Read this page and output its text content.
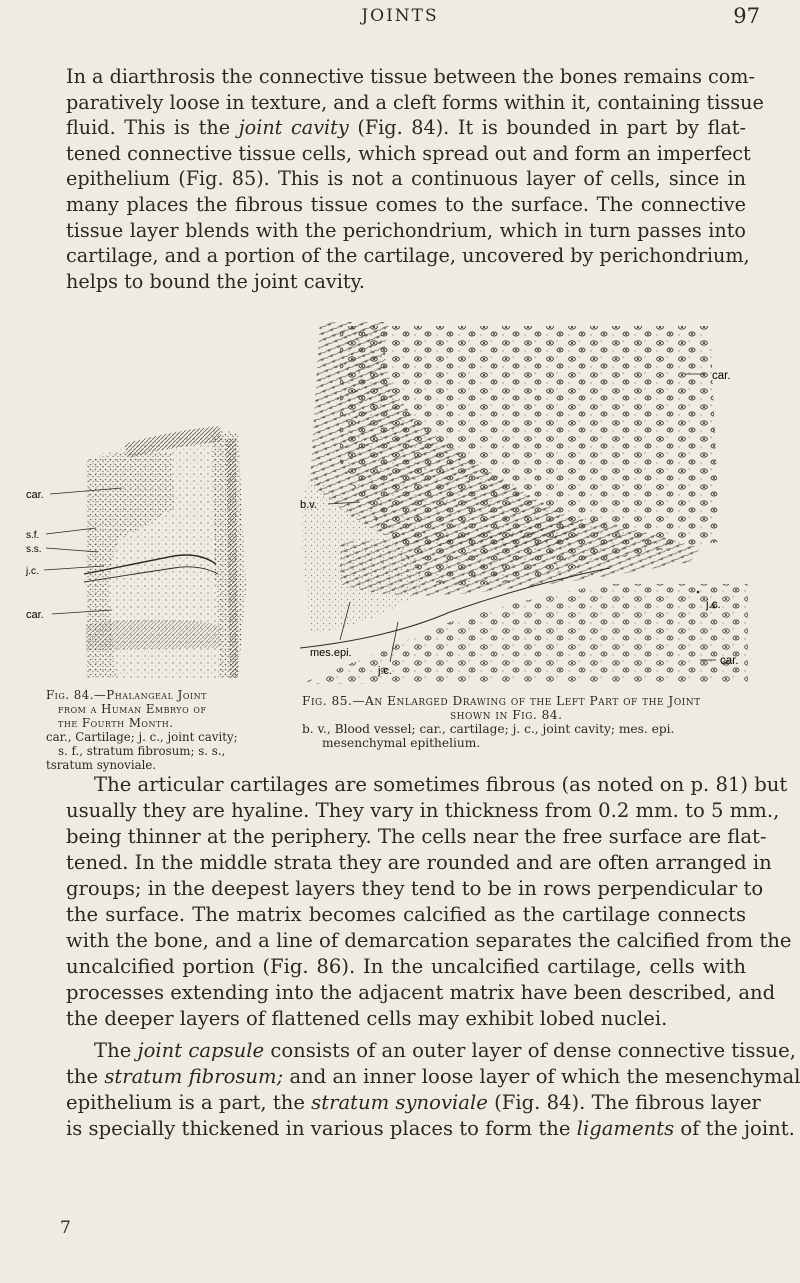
JOINTS	97

In a diarthrosis the connective tissue between the bones remains com-
paratively loose in texture, and a cleft forms within it, containing tissue
fluid. This is the joint cavity (Fig. 84). It is bounded in part by flat-
tened connective tissue cells, which spread out and form an imperfect
epithelium (Fig. 85). This is not a continuous layer of cells, since in
many places the fibrous tissue comes to the surface. The connective
tissue layer blends with the perichondrium, which in turn passes into
cartilage, and a portion of the cartilage, uncovered by perichondrium,
helps to bound the joint cavity.

car.
s.f.
s.s.
j.c.
car.
car.
b.v.
j.c.
mes.epi.
j.c.
car.

Fig. 84.—Phalangeal Joint
from a Human Embryo of
the Fourth Month.
car., Cartilage; j. c., joint cavity;
s. f., stratum fibrosum; s. s.,
tsratum synoviale.

Fig. 85.—An Enlarged Drawing of the Left Part of the Joint
shown in Fig. 84.
b. v., Blood vessel; car., cartilage; j. c., joint cavity; mes. epi.
mesenchymal epithelium.

The articular cartilages are sometimes fibrous (as noted on p. 81) but
usually they are hyaline. They vary in thickness from 0.2 mm. to 5 mm.,
being thinner at the periphery. The cells near the free surface are flat-
tened. In the middle strata they are rounded and are often arranged in
groups; in the deepest layers they tend to be in rows perpendicular to
the surface. The matrix becomes calcified as the cartilage connects
with the bone, and a line of demarcation separates the calcified from the
uncalcified portion (Fig. 86). In the uncalcified cartilage, cells with
processes extending into the adjacent matrix have been described, and
the deeper layers of flattened cells may exhibit lobed nuclei.

The joint capsule consists of an outer layer of dense connective tissue,
the stratum fibrosum; and an inner loose layer of which the mesenchymal
epithelium is a part, the stratum synoviale (Fig. 84). The fibrous layer
is specially thickened in various places to form the ligaments of the joint.

7
